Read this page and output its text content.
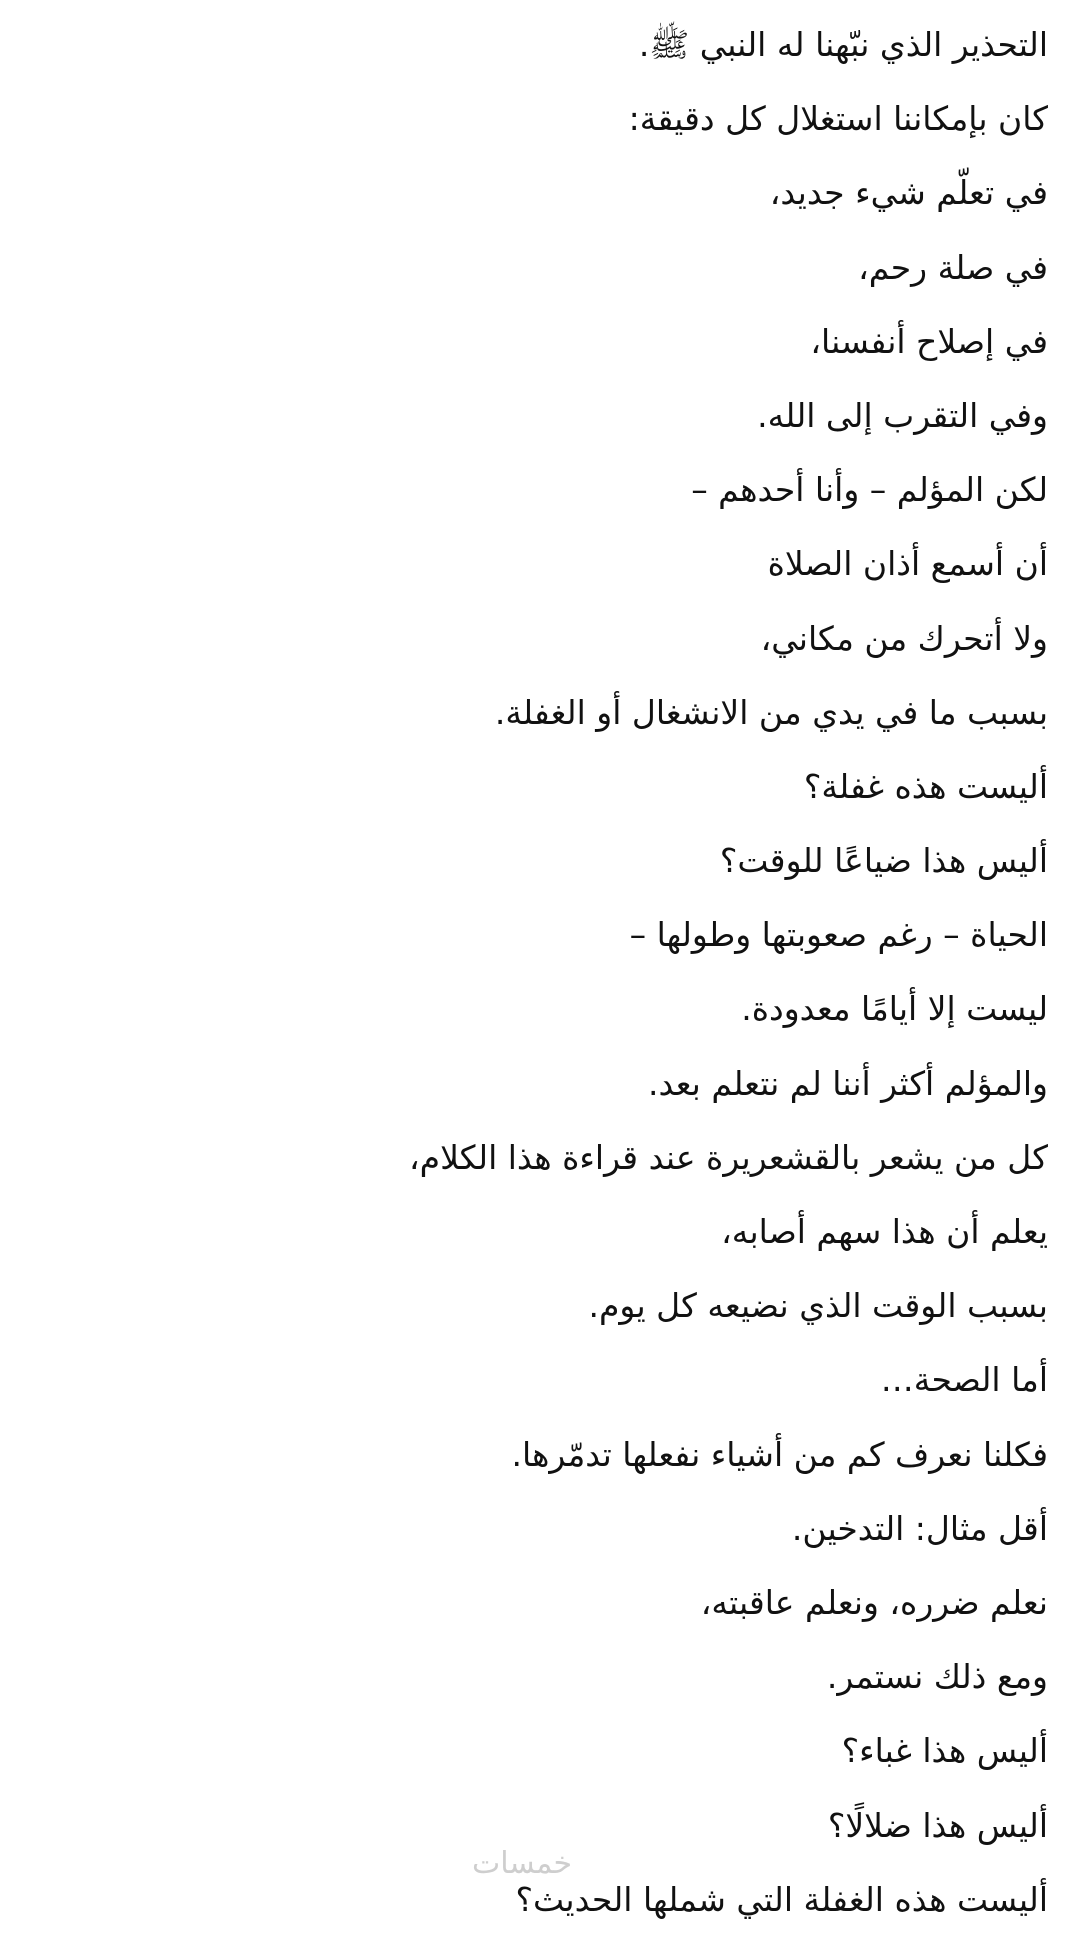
التحذير الذي نبّهنا له النبي ﷺ.
كان بإمكاننا استغلال كل دقيقة:
في تعلّم شيء جديد،
في صلة رحم،
في إصلاح أنفسنا،
وفي التقرب إلى الله.
لكن المؤلم – وأنا أحدهم –
أن أسمع أذان الصلاة
ولا أتحرك من مكاني،
بسبب ما في يدي من الانشغال أو الغفلة.
أليست هذه غفلة؟
أليس هذا ضياعًا للوقت؟
الحياة – رغم صعوبتها وطولها –
ليست إلا أيامًا معدودة.
والمؤلم أكثر أننا لم نتعلم بعد.
كل من يشعر بالقشعريرة عند قراءة هذا الكلام،
يعلم أن هذا سهم أصابه،
بسبب الوقت الذي نضيعه كل يوم.
أما الصحة…
فكلنا نعرف كم من أشياء نفعلها تدمّرها.
أقل مثال: التدخين.
نعلم ضرره، ونعلم عاقبته،
ومع ذلك نستمر.
أليس هذا غباء؟
أليس هذا ضلالًا؟
أليست هذه الغفلة التي شملها الحديث؟
خمسات
